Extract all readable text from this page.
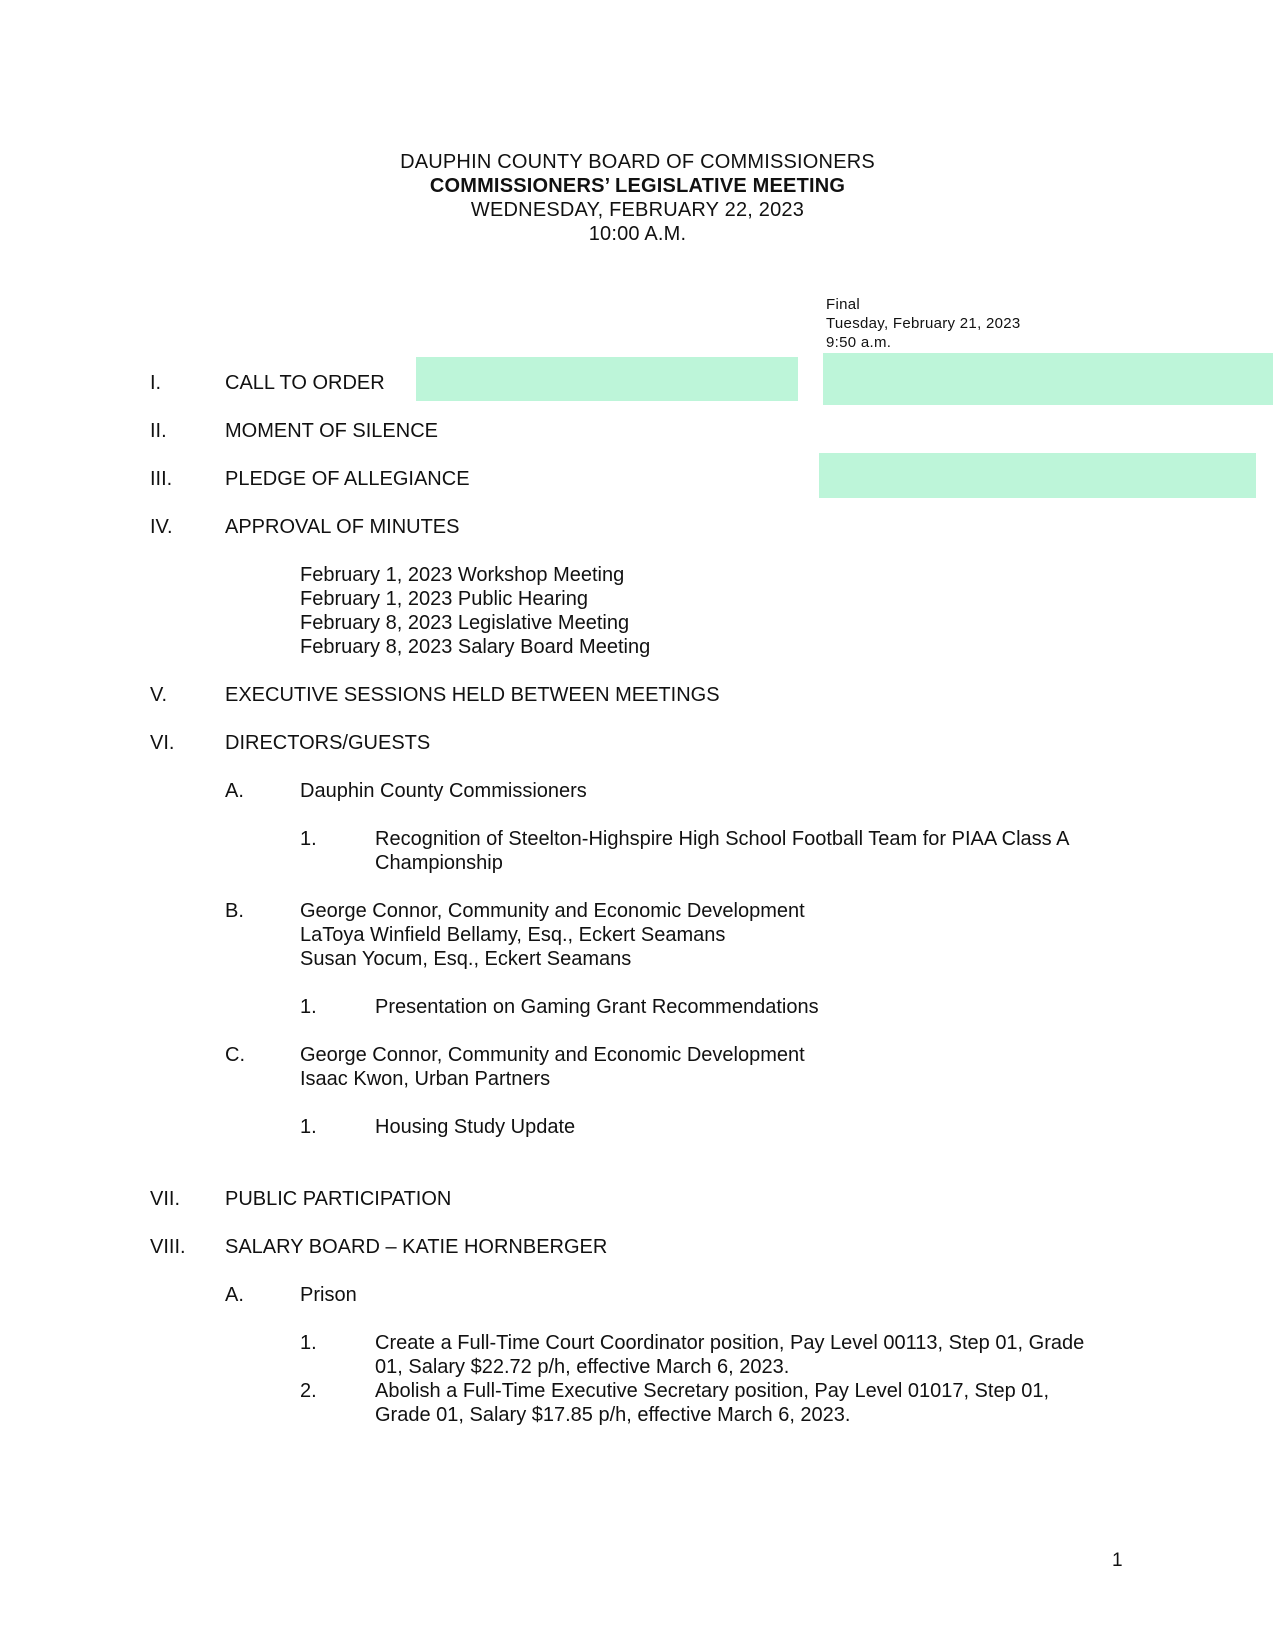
DAUPHIN COUNTY BOARD OF COMMISSIONERS
COMMISSIONERS’ LEGISLATIVE MEETING
WEDNESDAY, FEBRUARY 22, 2023
10:00 A.M.
Final
Tuesday, February 21, 2023
9:50 a.m.
I.	CALL TO ORDER
II.	MOMENT OF SILENCE
III.	PLEDGE OF ALLEGIANCE
IV.	APPROVAL OF MINUTES
February 1, 2023 Workshop Meeting
February 1, 2023 Public Hearing
February 8, 2023 Legislative Meeting
February 8, 2023 Salary Board Meeting
V.	EXECUTIVE SESSIONS HELD BETWEEN MEETINGS
VI.	DIRECTORS/GUESTS
A.	Dauphin County Commissioners
1.	Recognition of Steelton-Highspire High School Football Team for PIAA Class A
Championship
B.	George Connor, Community and Economic Development
LaToya Winfield Bellamy, Esq., Eckert Seamans
Susan Yocum, Esq., Eckert Seamans
1.	Presentation on Gaming Grant Recommendations
C.	George Connor, Community and Economic Development
Isaac Kwon, Urban Partners
1.	Housing Study Update
VII. PUBLIC PARTICIPATION
VIII. SALARY BOARD – KATIE HORNBERGER
A.	Prison
1.	Create a Full-Time Court Coordinator position, Pay Level 00113, Step 01, Grade
01, Salary $22.72 p/h, effective March 6, 2023.
2.	Abolish a Full-Time Executive Secretary position, Pay Level 01017, Step 01,
Grade 01, Salary $17.85 p/h, effective March 6, 2023.
1
